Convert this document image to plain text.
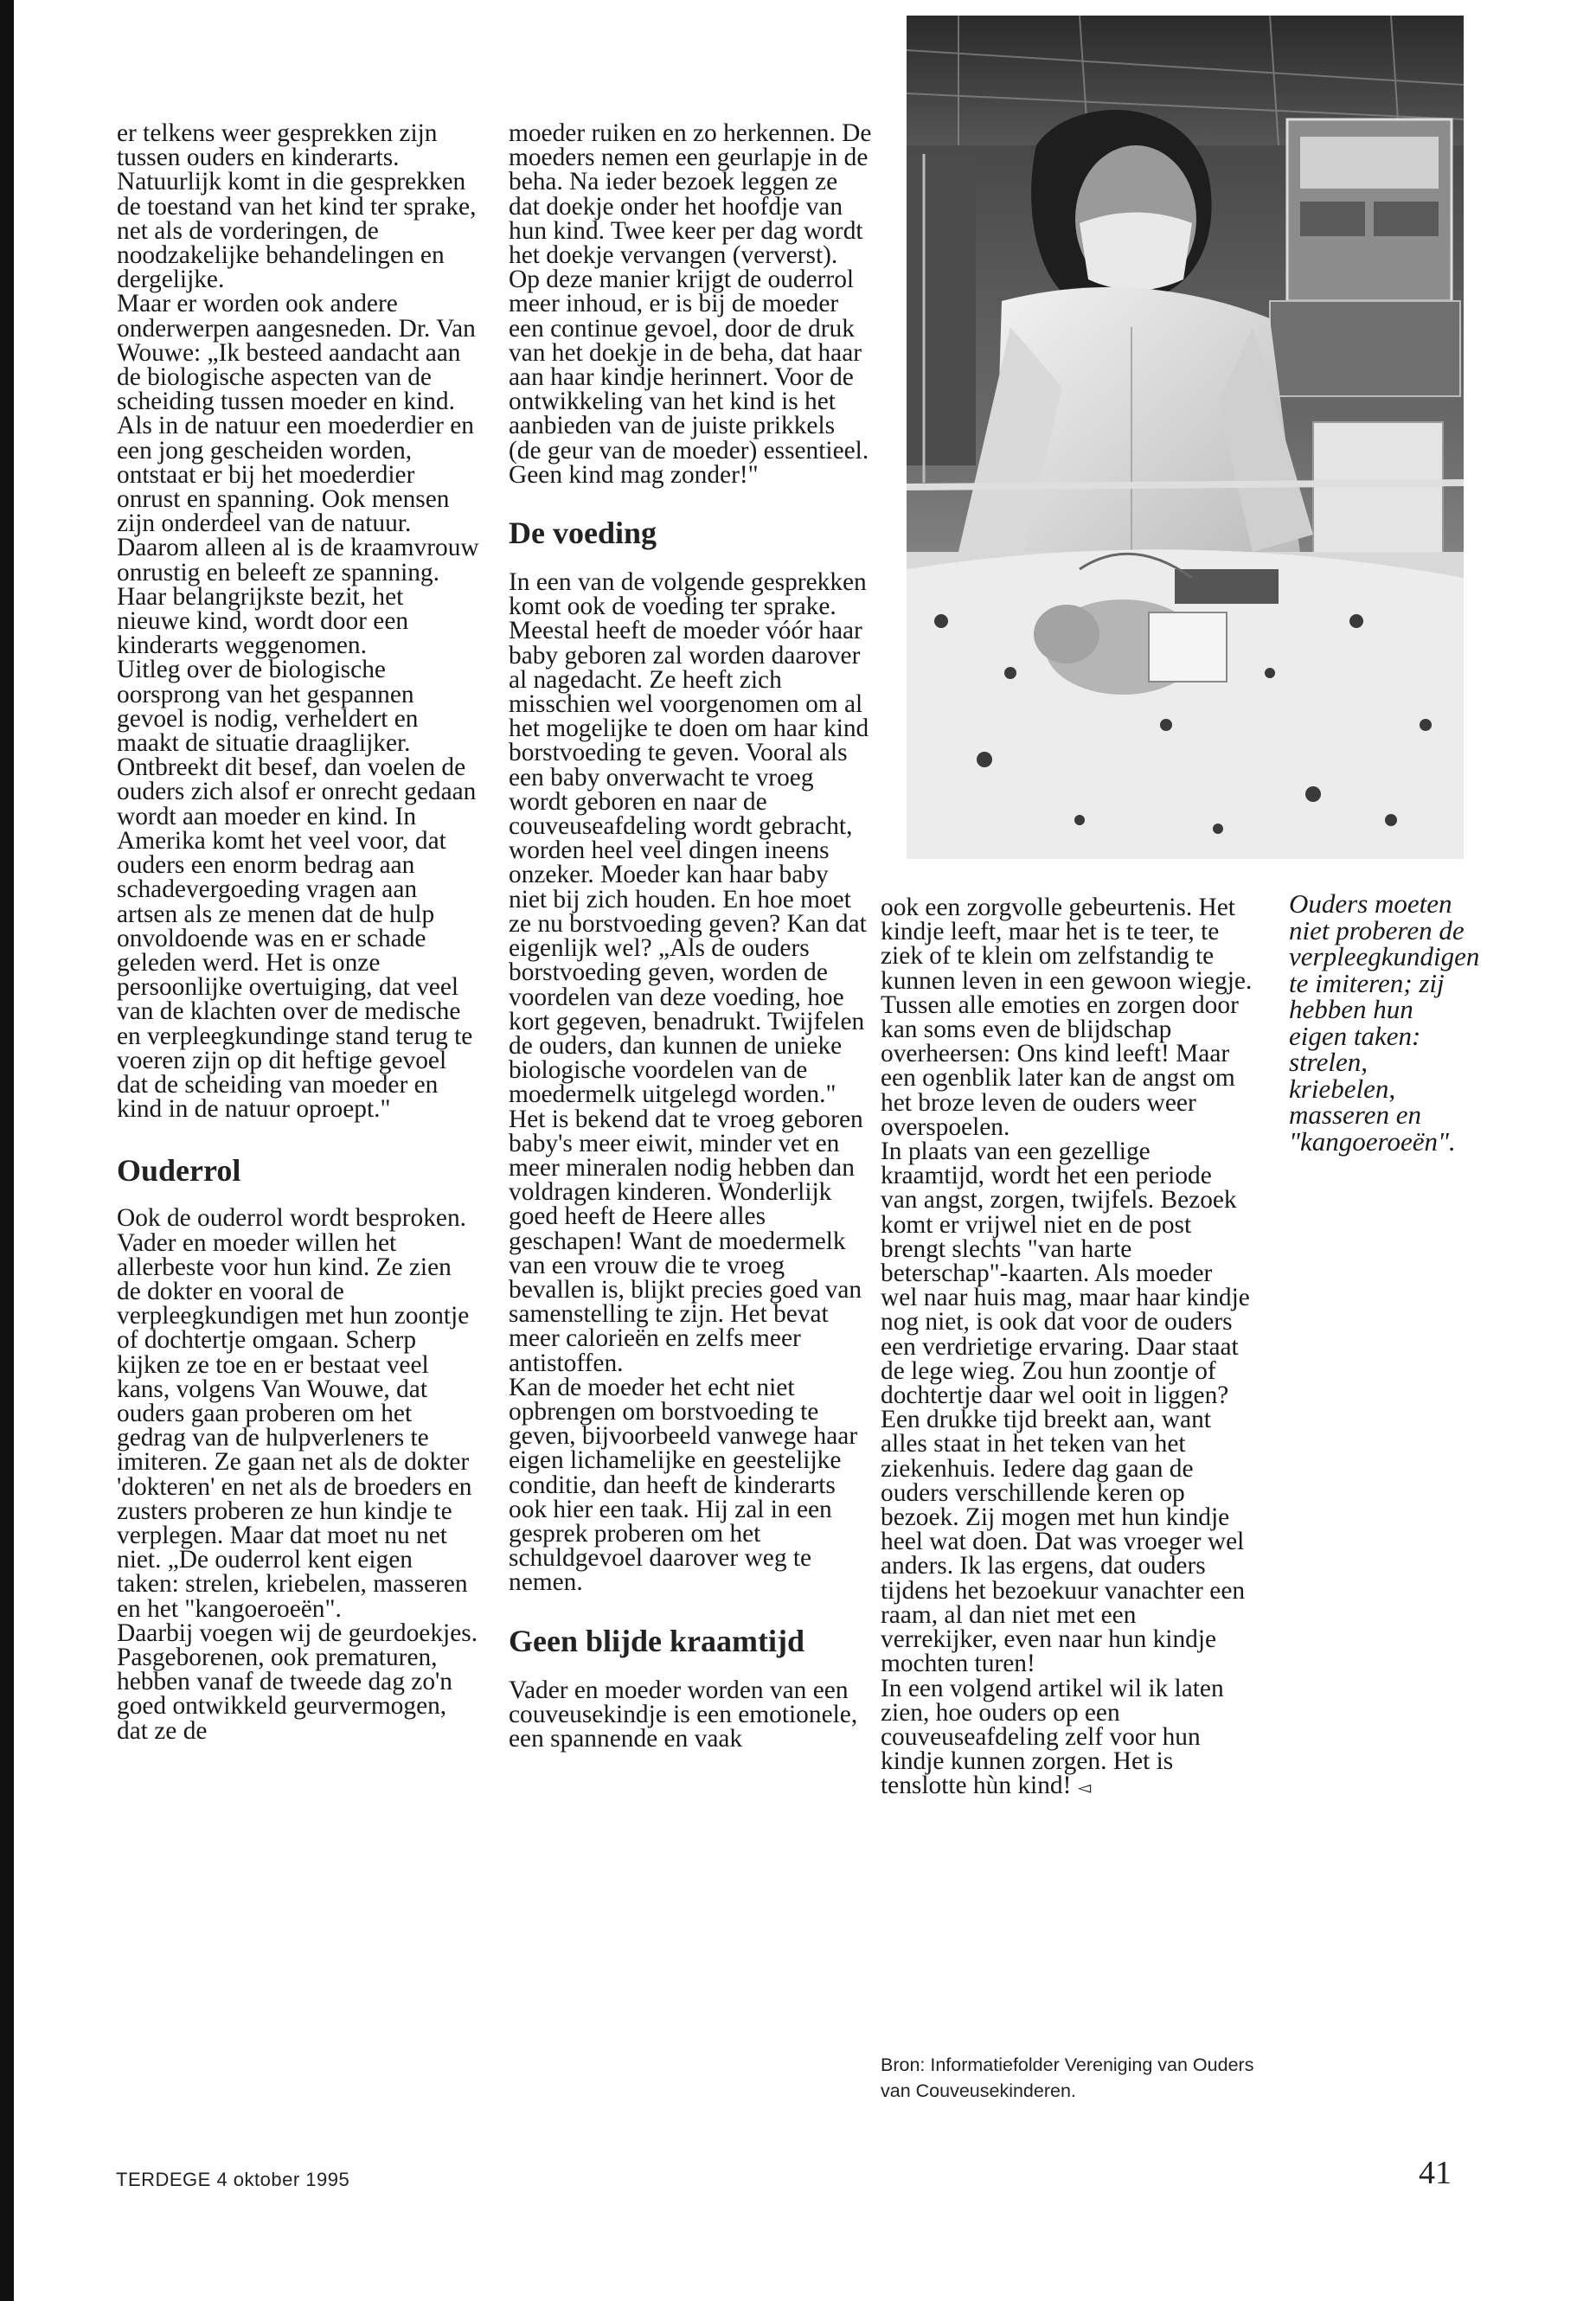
er telkens weer gesprekken zijn tussen ouders en kinderarts. Natuurlijk komt in die gesprekken de toestand van het kind ter sprake, net als de vorderingen, de noodzakelijke behandelingen en dergelijke.

Maar er worden ook andere onderwerpen aangesneden. Dr. Van Wouwe: „Ik besteed aandacht aan de biologische aspecten van de scheiding tussen moeder en kind. Als in de natuur een moederdier en een jong gescheiden worden, ontstaat er bij het moederdier onrust en spanning. Ook mensen zijn onderdeel van de natuur. Daarom alleen al is de kraamvrouw onrustig en beleeft ze spanning. Haar belangrijkste bezit, het nieuwe kind, wordt door een kinderarts weggenomen.

Uitleg over de biologische oorsprong van het gespannen gevoel is nodig, verheldert en maakt de situatie draaglijker. Ontbreekt dit besef, dan voelen de ouders zich alsof er onrecht gedaan wordt aan moeder en kind. In Amerika komt het veel voor, dat ouders een enorm bedrag aan schadevergoeding vragen aan artsen als ze menen dat de hulp onvoldoende was en er schade geleden werd. Het is onze persoonlijke overtuiging, dat veel van de klachten over de medische en verpleegkundinge stand terug te voeren zijn op dit heftige gevoel dat de scheiding van moeder en kind in de natuur oproept."

Ouderrol

Ook de ouderrol wordt besproken. Vader en moeder willen het allerbeste voor hun kind. Ze zien de dokter en vooral de verpleegkundigen met hun zoontje of dochtertje omgaan. Scherp kijken ze toe en er bestaat veel kans, volgens Van Wouwe, dat ouders gaan proberen om het gedrag van de hulpverleners te imiteren. Ze gaan net als de dokter 'dokteren' en net als de broeders en zusters proberen ze hun kindje te verplegen. Maar dat moet nu net niet. „De ouderrol kent eigen taken: strelen, kriebelen, masseren en het "kangoeroeën".

Daarbij voegen wij de geurdoekjes. Pasgeborenen, ook prematuren, hebben vanaf de tweede dag zo'n goed ontwikkeld geurvermogen, dat ze de

moeder ruiken en zo herkennen. De moeders nemen een geurlapje in de beha. Na ieder bezoek leggen ze dat doekje onder het hoofdje van hun kind. Twee keer per dag wordt het doekje vervangen (ververst). Op deze manier krijgt de ouderrol meer inhoud, er is bij de moeder een continue gevoel, door de druk van het doekje in de beha, dat haar aan haar kindje herinnert. Voor de ontwikkeling van het kind is het aanbieden van de juiste prikkels (de geur van de moeder) essentieel. Geen kind mag zonder!"

De voeding

In een van de volgende gesprekken komt ook de voeding ter sprake. Meestal heeft de moeder vóór haar baby geboren zal worden daarover al nagedacht. Ze heeft zich misschien wel voorgenomen om al het mogelijke te doen om haar kind borstvoeding te geven. Vooral als een baby onverwacht te vroeg wordt geboren en naar de couveuseafdeling wordt gebracht, worden heel veel dingen ineens onzeker. Moeder kan haar baby niet bij zich houden. En hoe moet ze nu borstvoeding geven? Kan dat eigenlijk wel? „Als de ouders borstvoeding geven, worden de voordelen van deze voeding, hoe kort gegeven, benadrukt. Twijfelen de ouders, dan kunnen de unieke biologische voordelen van de moedermelk uitgelegd worden." Het is bekend dat te vroeg geboren baby's meer eiwit, minder vet en meer mineralen nodig hebben dan voldragen kinderen. Wonderlijk goed heeft de Heere alles geschapen! Want de moedermelk van een vrouw die te vroeg bevallen is, blijkt precies goed van samenstelling te zijn. Het bevat meer calorieën en zelfs meer antistoffen.

Kan de moeder het echt niet opbrengen om borstvoeding te geven, bijvoorbeeld vanwege haar eigen lichamelijke en geestelijke conditie, dan heeft de kinderarts ook hier een taak. Hij zal in een gesprek proberen om het schuldgevoel daarover weg te nemen.

Geen blijde kraamtijd

Vader en moeder worden van een couveusekindje is een emotionele, een spannende en vaak

ook een zorgvolle gebeurtenis. Het kindje leeft, maar het is te teer, te ziek of te klein om zelfstandig te kunnen leven in een gewoon wiegje. Tussen alle emoties en zorgen door kan soms even de blijdschap overheersen: Ons kind leeft! Maar een ogenblik later kan de angst om het broze leven de ouders weer overspoelen.

In plaats van een gezellige kraamtijd, wordt het een periode van angst, zorgen, twijfels. Bezoek komt er vrijwel niet en de post brengt slechts "van harte beterschap"-kaarten. Als moeder wel naar huis mag, maar haar kindje nog niet, is ook dat voor de ouders een verdrietige ervaring. Daar staat de lege wieg. Zou hun zoontje of dochtertje daar wel ooit in liggen? Een drukke tijd breekt aan, want alles staat in het teken van het ziekenhuis. Iedere dag gaan de ouders verschillende keren op bezoek. Zij mogen met hun kindje heel wat doen. Dat was vroeger wel anders. Ik las ergens, dat ouders tijdens het bezoekuur vanachter een raam, al dan niet met een verrekijker, even naar hun kindje mochten turen!

In een volgend artikel wil ik laten zien, hoe ouders op een couveuseafdeling zelf voor hun kindje kunnen zorgen. Het is tenslotte hùn kind! ◅

Ouders moeten niet proberen de verpleegkundigen te imiteren; zij hebben hun eigen taken: strelen, kriebelen, masseren en "kangoeroeën".
Bron: Informatiefolder Vereniging van Ouders van Couveusekinderen.
TERDEGE 4 oktober 1995	41
